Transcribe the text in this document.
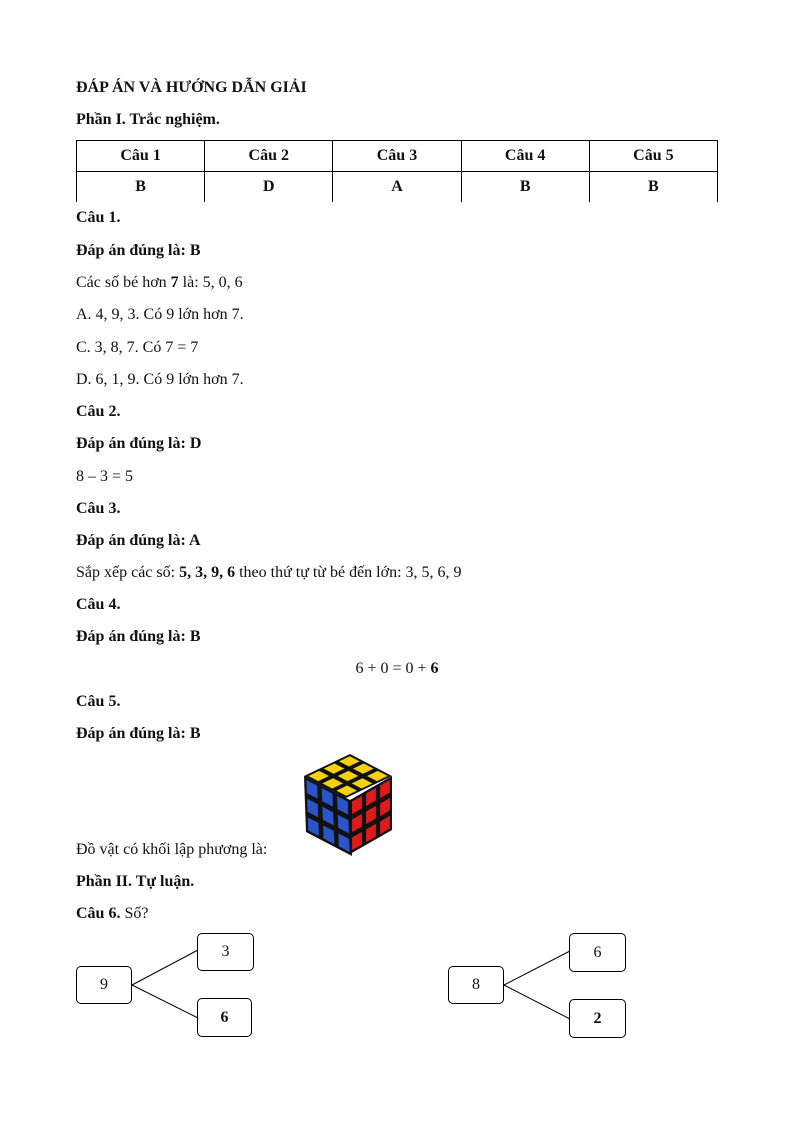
ĐÁP ÁN VÀ HƯỚNG DẪN GIẢI
Phần I. Trắc nghiệm.
Câu 1	Câu 2	Câu 3	Câu 4	Câu 5
B	D	A	B	B
Câu 1.
Đáp án đúng là: B
Các số bé hơn 7 là: 5, 0, 6
A. 4, 9, 3. Có 9 lớn hơn 7.
C. 3, 8, 7. Có 7 = 7
D. 6, 1, 9. Có 9 lớn hơn 7.
Câu 2.
Đáp án đúng là: D
8 – 3 = 5
Câu 3.
Đáp án đúng là: A
Sắp xếp các số: 5, 3, 9, 6 theo thứ tự từ bé đến lớn: 3, 5, 6, 9
Câu 4.
Đáp án đúng là: B
6 + 0 = 0 + 6
Câu 5.
Đáp án đúng là: B
Đồ vật có khối lập phương là:
Phần II. Tự luận.
Câu 6. Số?
9
3
6
8
6
2
